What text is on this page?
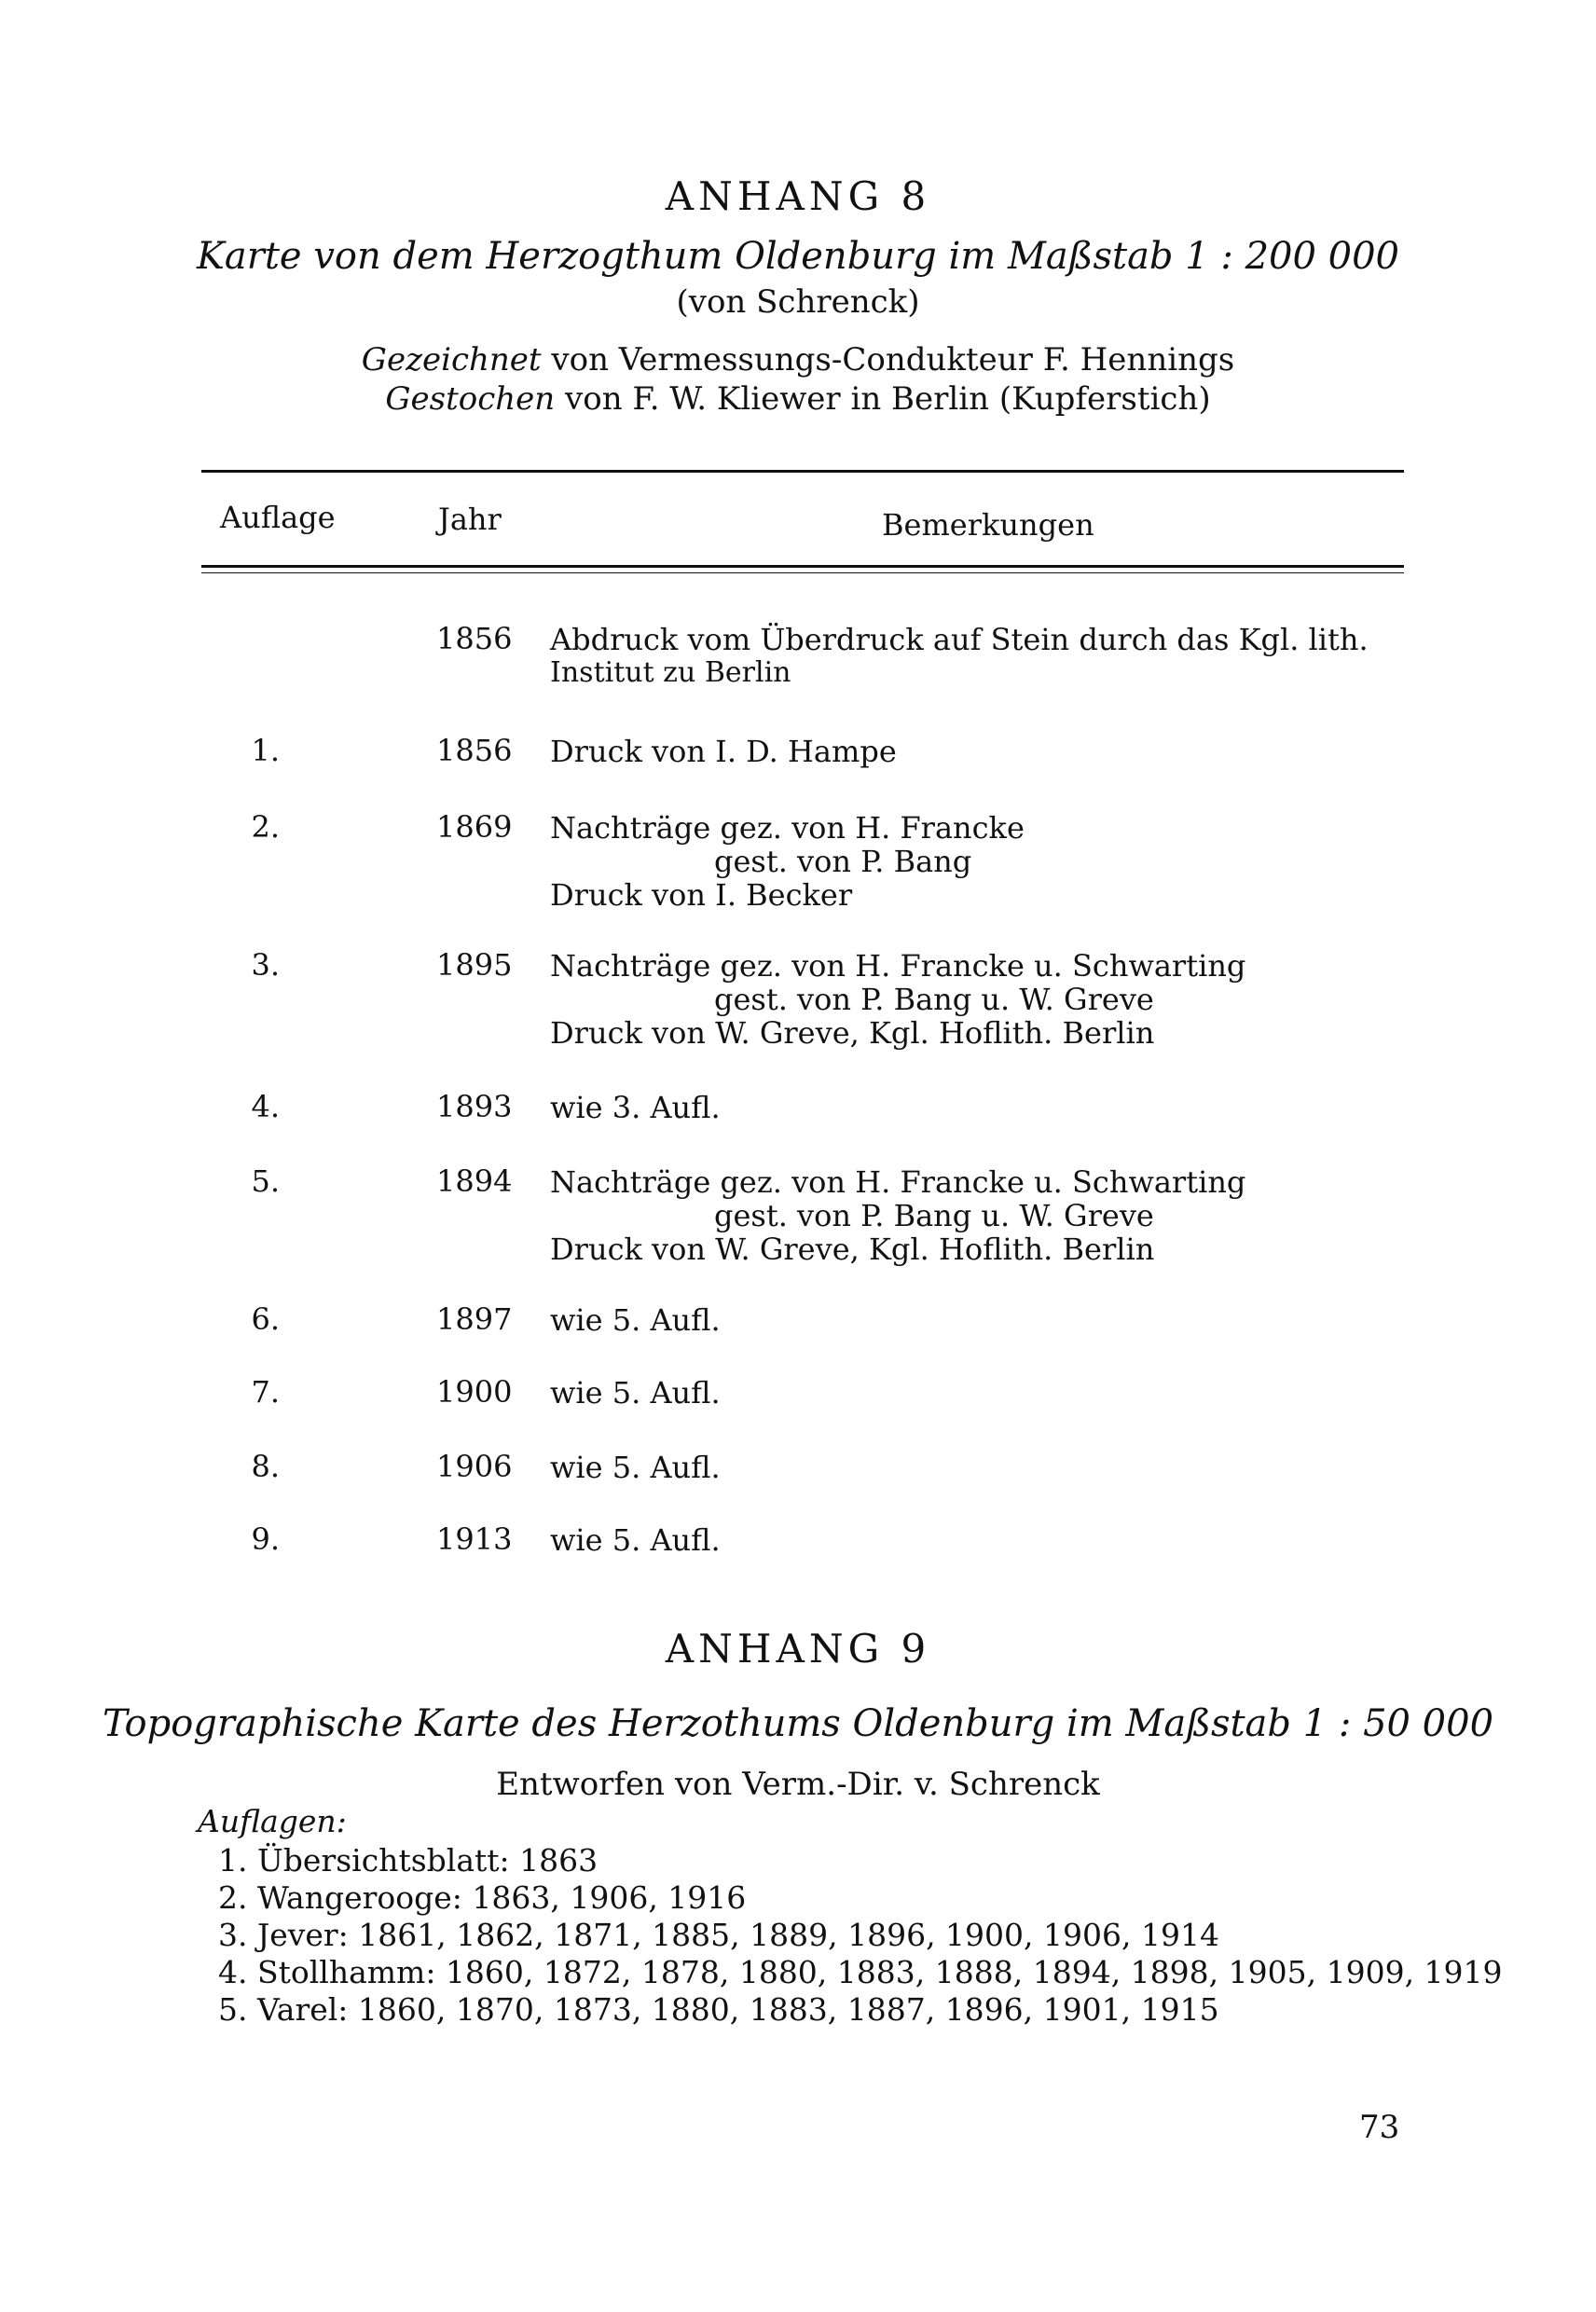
ANHANG 8
Karte von dem Herzogthum Oldenburg im Maßstab 1 : 200 000
(von Schrenck)
Gezeichnet von Vermessungs-Condukteur F. Hennings
Gestochen von F. W. Kliewer in Berlin (Kupferstich)
Auflage	Jahr	Bemerkungen
1856 Abdruck vom Überdruck auf Stein durch das Kgl. lith.
Institut zu Berlin
1.	1856 Druck von I. D. Hampe
2.	1869 Nachträge gez. von H. Francke
gest. von P. Bang
Druck von I. Becker
3.	1895 Nachträge gez. von H. Francke u. Schwarting
gest. von P. Bang u. W. Greve
Druck von W. Greve, Kgl. Hoflith. Berlin
4.	1893 wie 3. Aufl.
5.	1894 Nachträge gez. von H. Francke u. Schwarting
gest. von P. Bang u. W. Greve
Druck von W. Greve, Kgl. Hoflith. Berlin
6.	1897 wie 5. Aufl.
7.	1900 wie 5. Aufl.
8.	1906 wie 5. Aufl.
9.	1913 wie 5. Aufl.
ANHANG 9
Topographische Karte des Herzothums Oldenburg im Maßstab 1 : 50 000
Entworfen von Verm.-Dir. v. Schrenck
Auflagen:
1. Übersichtsblatt: 1863
2. Wangerooge: 1863, 1906, 1916
3. Jever: 1861, 1862, 1871, 1885, 1889, 1896, 1900, 1906, 1914
4. Stollhamm: 1860, 1872, 1878, 1880, 1883, 1888, 1894, 1898, 1905, 1909, 1919
5. Varel: 1860, 1870, 1873, 1880, 1883, 1887, 1896, 1901, 1915
73
